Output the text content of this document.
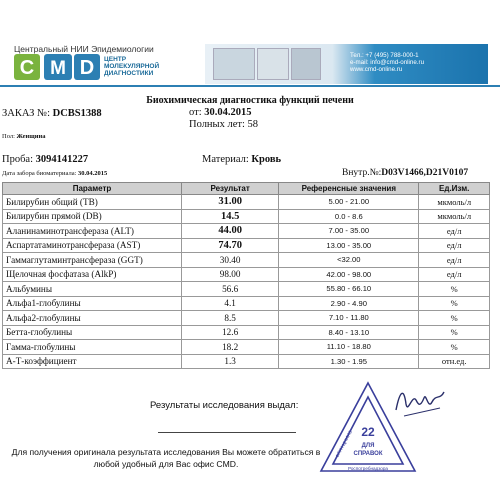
Центральный НИИ Эпидемиологии
C M D ЦЕНТР
МОЛЕКУЛЯРНОЙ
ДИАГНОСТИКИ
Тел.: +7 (495) 788-000-1
e-mail: info@cmd-online.ru
www.cmd-online.ru
Биохимическая диагностика функций печени
ЗАКАЗ №: DCBS1388	от: 30.04.2015
Полных лет: 58
Пол: Женщина
Проба: 3094141227	Материал: Кровь
Дата забора биоматериала: 30.04.2015	Внутр.№:D03V1466,D21V0107
Параметр	Результат	Референсные значения	Ед.Изм.
Билирубин общий (ТВ)	31.00	5.00 - 21.00	мкмоль/л
Билирубин прямой (DB)	14.5	0.0 - 8.6	мкмоль/л
Аланинаминотрансфераза (ALT)	44.00	7.00 - 35.00	ед/л
Аспартатаминотрансфераза (AST)	74.70	13.00 - 35.00	ед/л
Гаммаглутаминтрансфераза (GGT)	30.40	<32.00	ед/л
Щелочная фосфатаза (AlkP)	98.00	42.00 - 98.00	ед/л
Альбумины	56.6	55.80 - 66.10	%
Альфа1-глобулины	4.1	2.90 - 4.90	%
Альфа2-глобулины	8.5	7.10 - 11.80	%
Бетта-глобулины	12.6	8.40 - 13.10	%
Гамма-глобулины	18.2	11.10 - 18.80	%
А-Т-коэффициент	1.3	1.30 - 1.95	отн.ед.
Результаты исследования выдал:
Для получения оригинала результата исследования Вы можете обратиться в
любой удобный для Вас офис CMD.
22
ДЛЯ
СПРАВОК
Роспотребнадзора
ФГУН ЦНИИЭ
